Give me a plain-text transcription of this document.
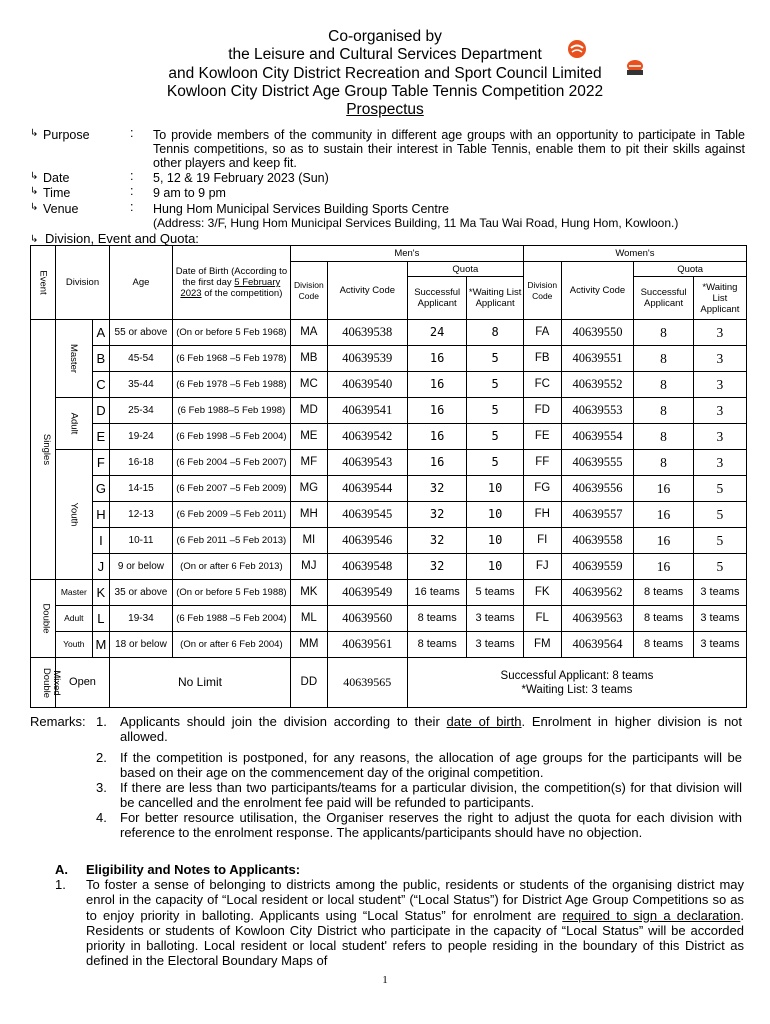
Co-organised by
the Leisure and Cultural Services Department
and Kowloon City District Recreation and Sport Council Limited
Kowloon City District Age Group Table Tennis Competition 2022
Prospectus
↳ Purpose	: To provide members of the community in different age groups with an opportunity to participate in Table Tennis competitions, so as to sustain their interest in Table Tennis, enable them to pit their skills against other players and keep fit.
↳ Date	: 5, 12 & 19 February 2023 (Sun)
↳ Time	: 9 am to 9 pm
↳ Venue	: Hung Hom Municipal Services Building Sports Centre
(Address: 3/F, Hung Hom Municipal Services Building, 11 Ma Tau Wai Road, Hung Hom, Kowloon.)
↳ Division, Event and Quota:
Event	Division		Age	Date of Birth (According to the first day 5 February 2023 of the competition)	Men's				Women's			
					Division Code	Activity Code	Quota		Division Code	Activity Code	Quota	
							Successful Applicant	*Waiting List Applicant			Successful Applicant	*Waiting List Applicant
Singles	Master	A	55 or above	(On or before 5 Feb 1968)	MA	40639538	24	8	FA	40639550	8	3
		B	45-54	(6 Feb 1968 –5 Feb 1978)	MB	40639539	16	5	FB	40639551	8	3
		C	35-44	(6 Feb 1978 –5 Feb 1988)	MC	40639540	16	5	FC	40639552	8	3
	Adult	D	25-34	(6 Feb 1988–5 Feb 1998)	MD	40639541	16	5	FD	40639553	8	3
		E	19-24	(6 Feb 1998 –5 Feb 2004)	ME	40639542	16	5	FE	40639554	8	3
	Youth	F	16-18	(6 Feb 2004 –5 Feb 2007)	MF	40639543	16	5	FF	40639555	8	3
		G	14-15	(6 Feb 2007 –5 Feb 2009)	MG	40639544	32	10	FG	40639556	16	5
		H	12-13	(6 Feb 2009 –5 Feb 2011)	MH	40639545	32	10	FH	40639557	16	5
		I	10-11	(6 Feb 2011 –5 Feb 2013)	MI	40639546	32	10	FI	40639558	16	5
		J	9 or below	(On or after 6 Feb 2013)	MJ	40639548	32	10	FJ	40639559	16	5
Double	Master	K	35 or above	(On or before 5 Feb 1988)	MK	40639549	16 teams	5 teams	FK	40639562	8 teams	3 teams
	Adult	L	19-34	(6 Feb 1988 –5 Feb 2004)	ML	40639560	8 teams	3 teams	FL	40639563	8 teams	3 teams
	Youth	M	18 or below	(On or after 6 Feb 2004)	MM	40639561	8 teams	3 teams	FM	40639564	8 teams	3 teams
Mixed Double	Open		No Limit		DD	40639565	Successful Applicant: 8 teams
*Waiting List: 3 teams					
Remarks: 1. Applicants should join the division according to their date of birth. Enrolment in higher division is not allowed.
2. If the competition is postponed, for any reasons, the allocation of age groups for the participants will be based on their age on the commencement day of the original competition.
3. If there are less than two participants/teams for a particular division, the competition(s) for that division will be cancelled and the enrolment fee paid will be refunded to participants.
4. For better resource utilisation, the Organiser reserves the right to adjust the quota for each division with reference to the enrolment response. The applicants/participants should have no objection.
A. Eligibility and Notes to Applicants:
1. To foster a sense of belonging to districts among the public, residents or students of the organising district may enrol in the capacity of “Local resident or local student” (“Local Status”) for District Age Group Competitions so as to enjoy priority in balloting. Applicants using “Local Status” for enrolment are required to sign a declaration. Residents or students of Kowloon City District who participate in the capacity of “Local Status” will be accorded priority in balloting. Local resident or local student' refers to people residing in the boundary of this District as defined in the Electoral Boundary Maps of
1
